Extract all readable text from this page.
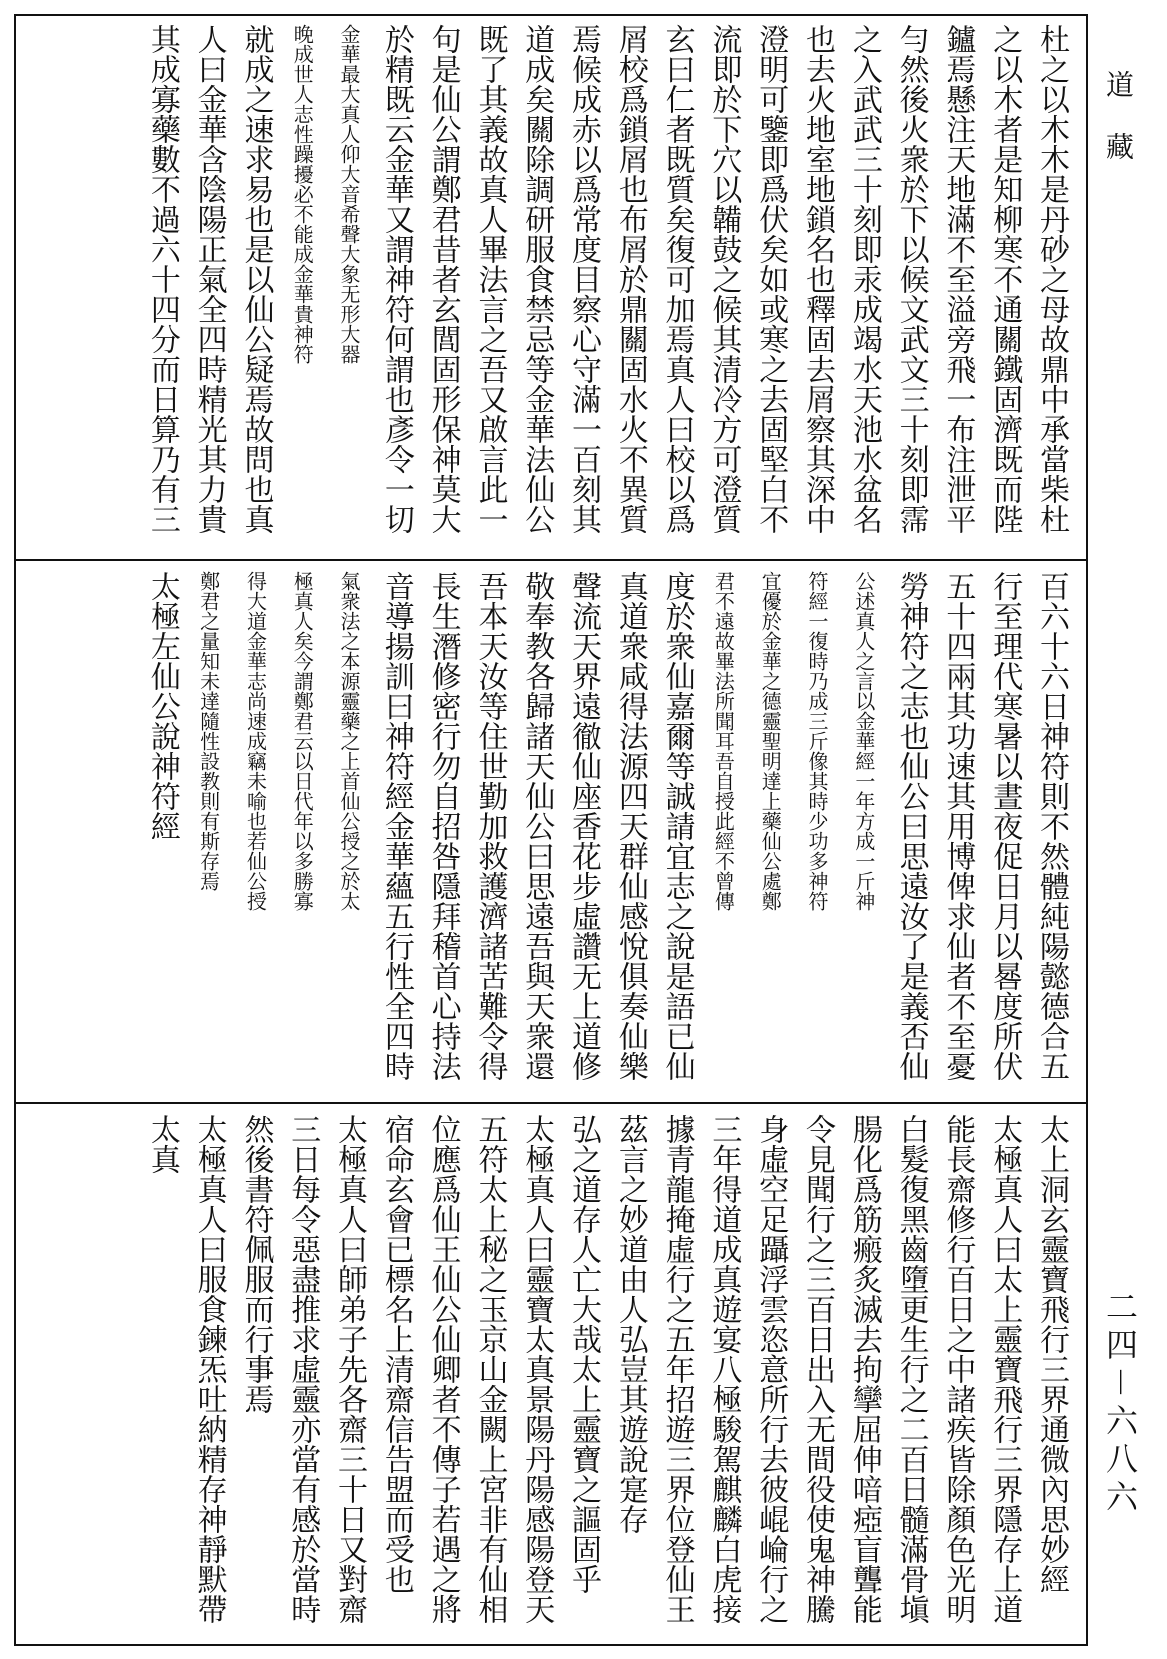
杜之以木木是丹砂之母故鼎中承當柴杜
之以木者是知柳寒不通關鐵固濟既而陛
鑪焉懸注天地滿不至溢旁飛一布注泄平
勻然後火衆於下以候文武文三十刻即霈
之入武武三十刻即汞成竭水天池水盆名
也去火地室地鎖名也釋固去屑察其深中
澄明可鑒即爲伏矣如或寒之去固堅白不
流即於下穴以韛鼓之候其清冷方可澄質
玄曰仁者既質矣復可加焉真人曰校以爲
屑校爲鎖屑也布屑於鼎關固水火不異質
焉候成赤以爲常度目察心守滿一百刻其
道成矣關除調研服食禁忌等金華法仙公
既了其義故真人畢法言之吾又啟言此一
句是仙公謂鄭君昔者玄閭固形保神莫大
於精既云金華又謂神符何謂也彥令一切
金華最大真人仰大音希聲大象无形大器
晚成世人志性躁擾必不能成金華貴神符
就成之速求易也是以仙公疑焉故問也真
人曰金華含陰陽正氣全四時精光其力貴
其成寡藥數不過六十四分而日算乃有三
百六十六日神符則不然體純陽懿德合五
行至理代寒暑以晝夜促日月以晷度所伏
五十四兩其功速其用博俾求仙者不至憂
勞神符之志也仙公曰思遠汝了是義否仙
公述真人之言以金華經一年方成一斤神
符經一復時乃成三斤像其時少功多神符
宜優於金華之德靈聖明達上藥仙公處鄭
君不遠故畢法所聞耳吾自授此經不曾傳
度於衆仙嘉爾等誠請宜志之說是語已仙
真道衆咸得法源四天群仙感悅俱奏仙樂
聲流天界遠徹仙座香花步虛讚无上道修
敬奉教各歸諸天仙公曰思遠吾與天衆還
吾本天汝等住世勤加救護濟諸苦難令得
長生潛修密行勿自招咎隱拜稽首心持法
音導揚訓曰神符經金華蘊五行性全四時
氣衆法之本源靈藥之上首仙公授之於太
極真人矣今謂鄭君云以日代年以多勝寡
得大道金華志尚速成竊未喻也若仙公授
鄭君之量知未達隨性設教則有斯存焉
太極左仙公說神符經
太上洞玄靈寶飛行三界通微內思妙經
太極真人曰太上靈寶飛行三界隱存上道
能長齋修行百日之中諸疾皆除顏色光明
白髮復黑齒墮更生行之二百日髓滿骨塡
腸化爲筋瘢炙滅去拘攣屈伸喑瘂盲聾能
令見聞行之三百日出入无間役使鬼神騰
身虛空足躡浮雲恣意所行去彼崐崘行之
三年得道成真遊宴八極駿駕麒麟白虎接
據青龍掩虛行之五年招遊三界位登仙王
茲言之妙道由人弘豈其遊說寔存
弘之道存人亡大哉太上靈寶之謳固乎
太極真人曰靈寶太真景陽丹陽感陽登天
五符太上秘之玉京山金闕上宮非有仙相
位應爲仙王仙公仙卿者不傳子若遇之將
宿命玄會已標名上清齋信告盟而受也
太極真人曰師弟子先各齋三十日又對齋
三日每令惡盡推求虛靈亦當有感於當時
然後書符佩服而行事焉
太極真人曰服食鍊炁吐納精存神靜默帶
太真
道藏
二四－六八六
